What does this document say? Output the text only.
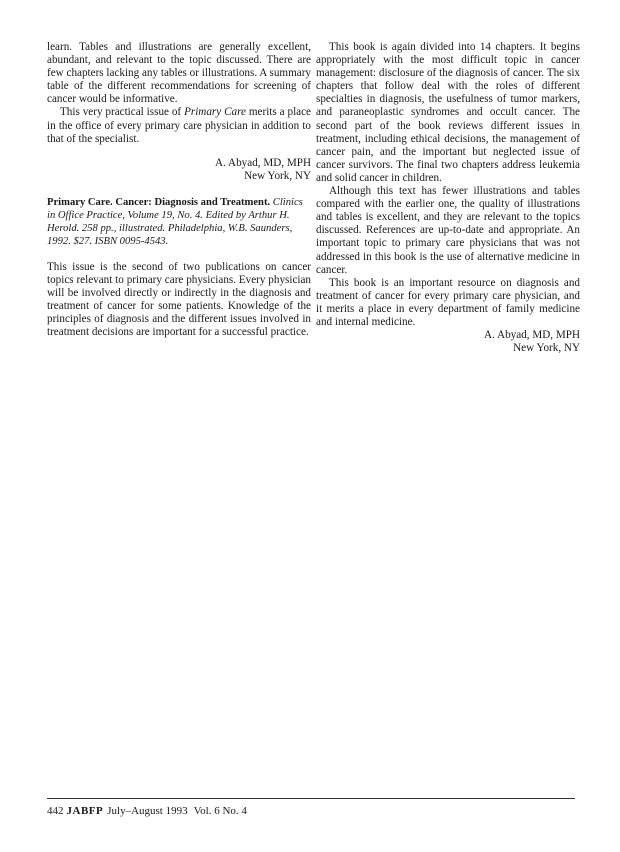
learn. Tables and illustrations are generally excellent, abundant, and relevant to the topic discussed. There are few chapters lacking any tables or illustrations. A summary table of the different recommendations for screening of cancer would be informative.

This very practical issue of Primary Care merits a place in the office of every primary care physician in addition to that of the specialist.

A. Abyad, MD, MPH

New York, NY

Primary Care. Cancer: Diagnosis and Treatment. Clinics in Office Practice, Volume 19, No. 4. Edited by Arthur H. Herold. 258 pp., illustrated. Philadelphia, W.B. Saunders, 1992. $27. ISBN 0095-4543.

This issue is the second of two publications on cancer topics relevant to primary care physicians. Every physician will be involved directly or indirectly in the diagnosis and treatment of cancer for some patients. Knowledge of the principles of diagnosis and the different issues involved in treatment decisions are important for a successful practice.

This book is again divided into 14 chapters. It begins appropriately with the most difficult topic in cancer management: disclosure of the diagnosis of cancer. The six chapters that follow deal with the roles of different specialties in diagnosis, the usefulness of tumor markers, and paraneoplastic syndromes and occult cancer. The second part of the book reviews different issues in treatment, including ethical decisions, the management of cancer pain, and the important but neglected issue of cancer survivors. The final two chapters address leukemia and solid cancer in children.

Although this text has fewer illustrations and tables compared with the earlier one, the quality of illustrations and tables is excellent, and they are relevant to the topics discussed. References are up-to-date and appropriate. An important topic to primary care physicians that was not addressed in this book is the use of alternative medicine in cancer.

This book is an important resource on diagnosis and treatment of cancer for every primary care physician, and it merits a place in every department of family medicine and internal medicine.

A. Abyad, MD, MPH

New York, NY

442 JABFP July–August 1993 Vol. 6 No. 4
